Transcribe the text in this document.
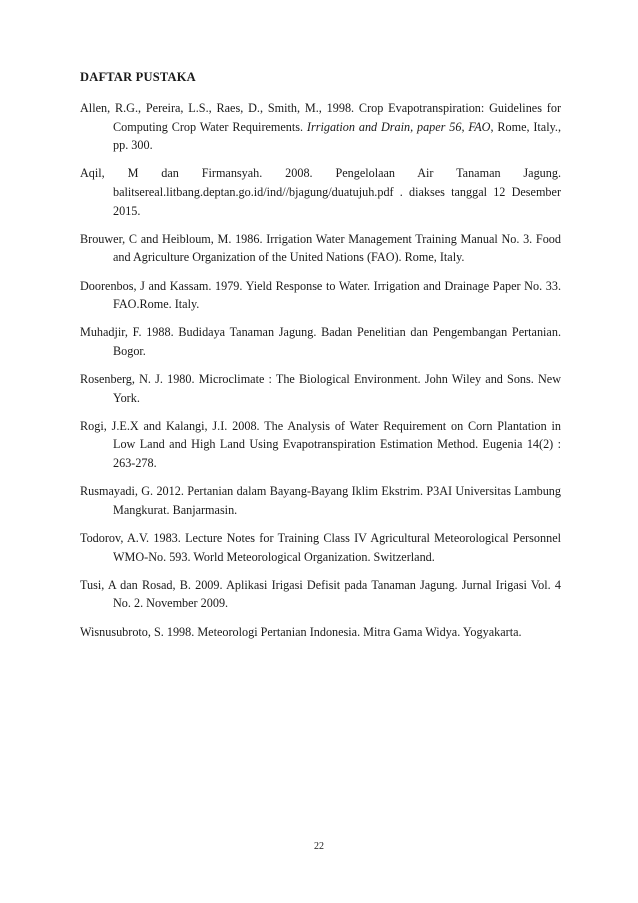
DAFTAR PUSTAKA
Allen, R.G., Pereira, L.S., Raes, D., Smith, M., 1998. Crop Evapotranspiration: Guidelines for Computing Crop Water Requirements. Irrigation and Drain, paper 56, FAO, Rome, Italy., pp. 300.
Aqil, M dan Firmansyah. 2008. Pengelolaan Air Tanaman Jagung. balitsereal.litbang.deptan.go.id/ind//bjagung/duatujuh.pdf . diakses tanggal 12 Desember 2015.
Brouwer, C and Heibloum, M. 1986. Irrigation Water Management Training Manual No. 3. Food and Agriculture Organization of the United Nations (FAO). Rome, Italy.
Doorenbos, J and Kassam. 1979. Yield Response to Water. Irrigation and Drainage Paper No. 33. FAO.Rome. Italy.
Muhadjir, F. 1988. Budidaya Tanaman Jagung. Badan Penelitian dan Pengembangan Pertanian. Bogor.
Rosenberg, N. J. 1980. Microclimate : The Biological Environment. John Wiley and Sons. New York.
Rogi, J.E.X and Kalangi, J.I. 2008. The Analysis of Water Requirement on Corn Plantation in Low Land and High Land Using Evapotranspiration Estimation Method. Eugenia 14(2) : 263-278.
Rusmayadi, G. 2012. Pertanian dalam Bayang-Bayang Iklim Ekstrim. P3AI Universitas Lambung Mangkurat. Banjarmasin.
Todorov, A.V. 1983. Lecture Notes for Training Class IV Agricultural Meteorological Personnel WMO-No. 593. World Meteorological Organization. Switzerland.
Tusi, A dan Rosad, B. 2009. Aplikasi Irigasi Defisit pada Tanaman Jagung. Jurnal Irigasi Vol. 4 No. 2. November 2009.
Wisnusubroto, S. 1998. Meteorologi Pertanian Indonesia. Mitra Gama Widya. Yogyakarta.
22
